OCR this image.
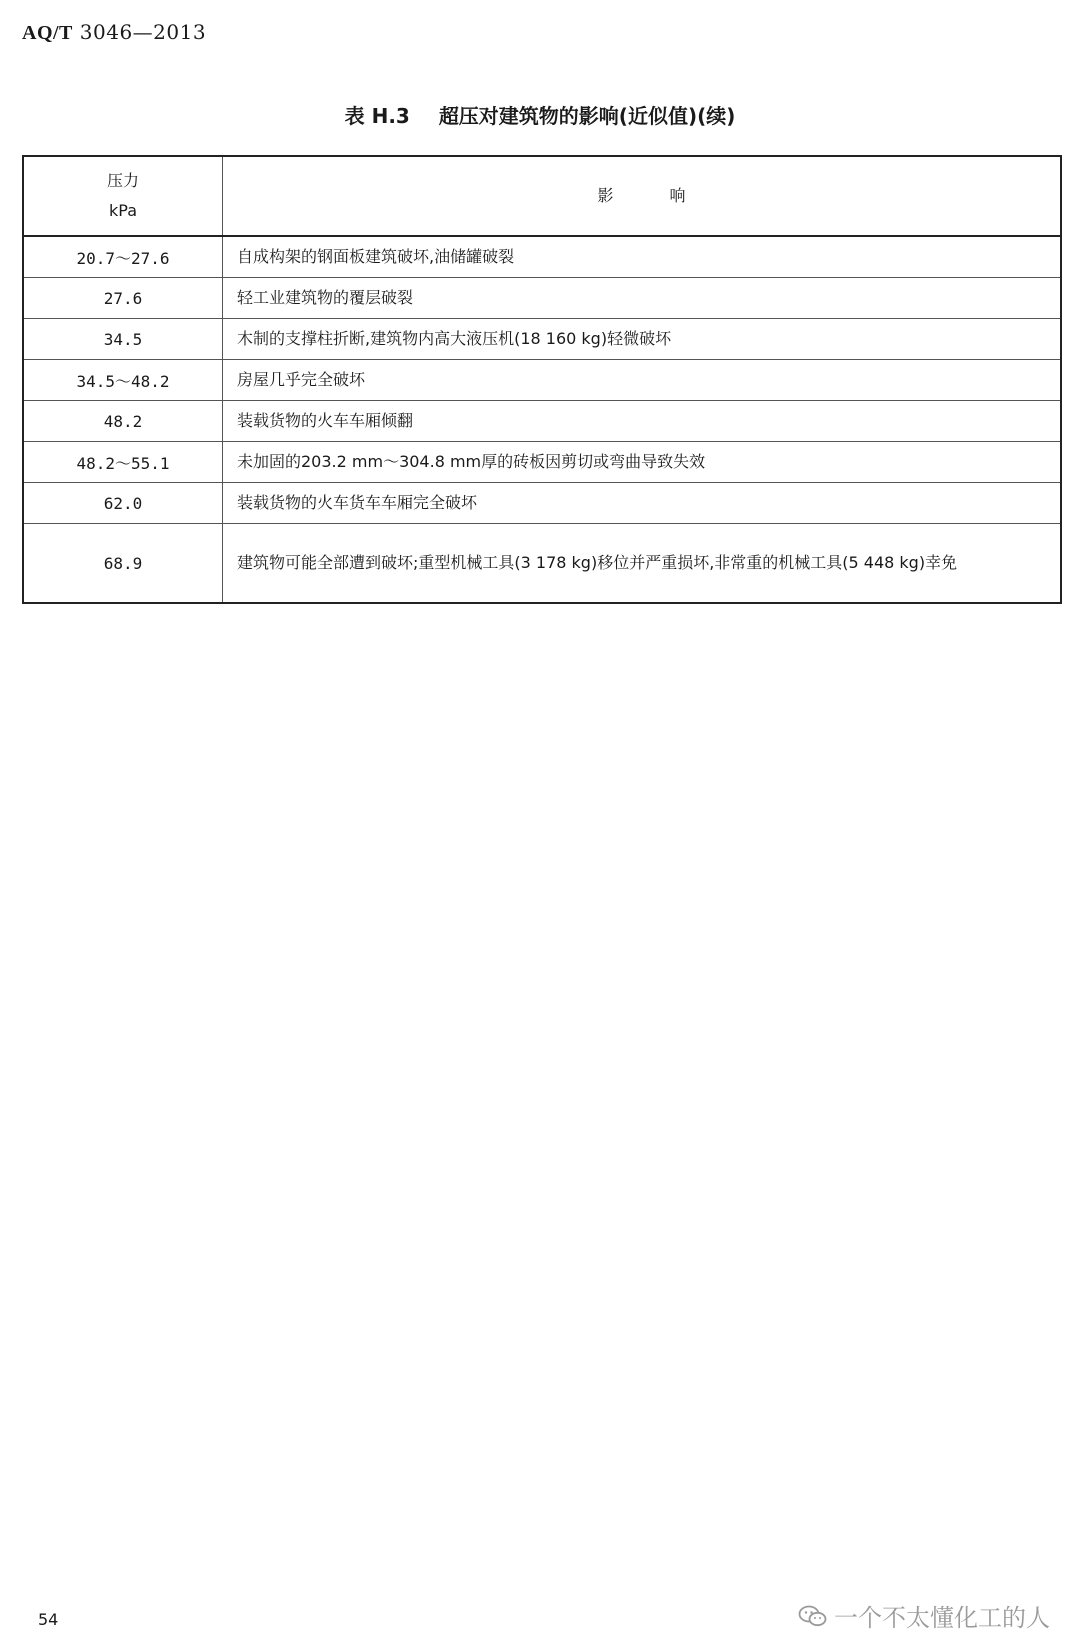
AQ/T 3046—2013
表 H.3 超压对建筑物的影响(近似值)(续)
压力
kPa	影响
20.7～27.6	自成构架的钢面板建筑破坏,油储罐破裂
27.6	轻工业建筑物的覆层破裂
34.5	木制的支撑柱折断,建筑物内高大液压机(18 160 kg)轻微破坏
34.5～48.2	房屋几乎完全破坏
48.2	装载货物的火车车厢倾翻
48.2～55.1	未加固的203.2 mm～304.8 mm厚的砖板因剪切或弯曲导致失效
62.0	装载货物的火车货车车厢完全破坏
68.9	建筑物可能全部遭到破坏;重型机械工具(3 178 kg)移位并严重损坏,非常重的机械工具(5 448 kg)幸免
54	一个不太懂化工的人
